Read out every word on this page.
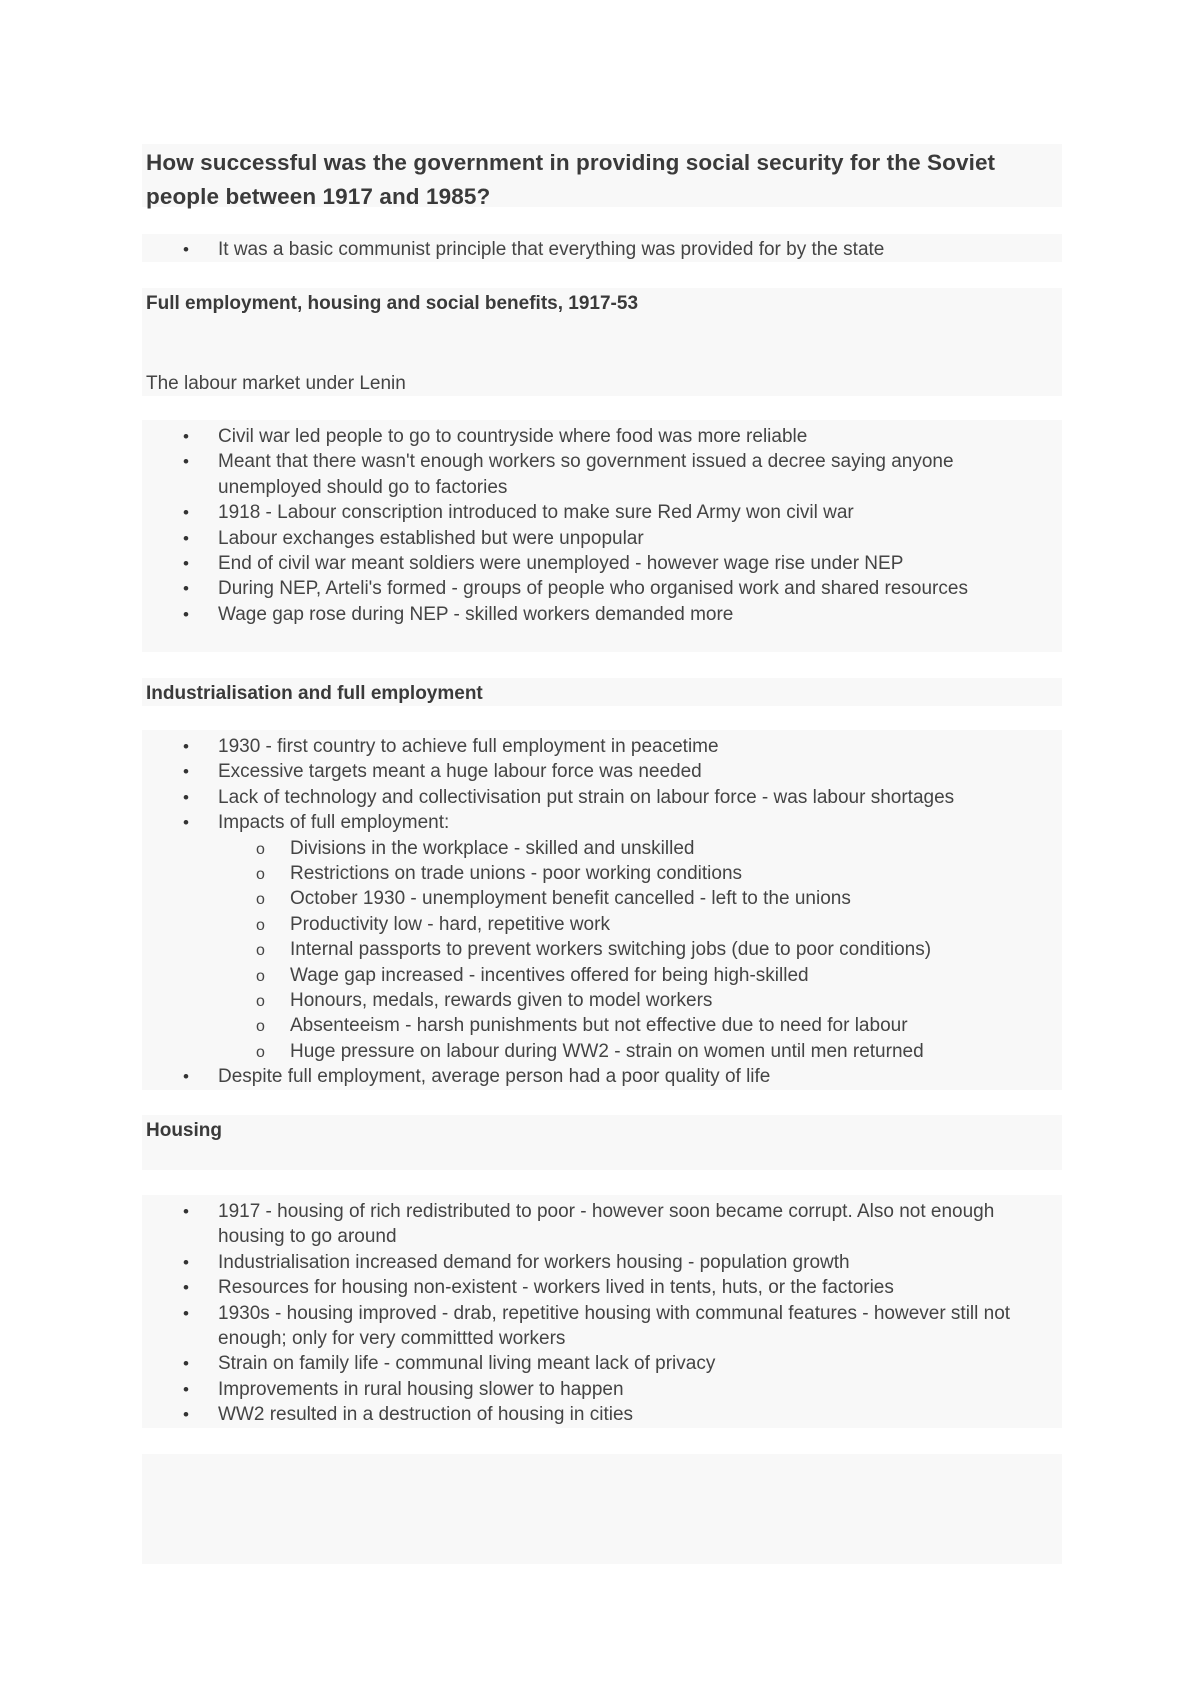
How successful was the government in providing social security for the Soviet people between 1917 and 1985?
• It was a basic communist principle that everything was provided for by the state
Full employment, housing and social benefits, 1917-53

The labour market under Lenin

• Civil war led people to go to countryside where food was more reliable
• Meant that there wasn't enough workers so government issued a decree saying anyone unemployed should go to factories
• 1918 - Labour conscription introduced to make sure Red Army won civil war
• Labour exchanges established but were unpopular
• End of civil war meant soldiers were unemployed - however wage rise under NEP
• During NEP, Arteli's formed - groups of people who organised work and shared resources
• Wage gap rose during NEP - skilled workers demanded more
Industrialisation and full employment
• 1930 - first country to achieve full employment in peacetime
• Excessive targets meant a huge labour force was needed
• Lack of technology and collectivisation put strain on labour force - was labour shortages
• Impacts of full employment:
o Divisions in the workplace - skilled and unskilled
o Restrictions on trade unions - poor working conditions
o October 1930 - unemployment benefit cancelled - left to the unions
o Productivity low - hard, repetitive work
o Internal passports to prevent workers switching jobs (due to poor conditions)
o Wage gap increased - incentives offered for being high-skilled
o Honours, medals, rewards given to model workers
o Absenteeism - harsh punishments but not effective due to need for labour
o Huge pressure on labour during WW2 - strain on women until men returned
• Despite full employment, average person had a poor quality of life
Housing
• 1917 - housing of rich redistributed to poor - however soon became corrupt. Also not enough housing to go around
• Industrialisation increased demand for workers housing - population growth
• Resources for housing non-existent - workers lived in tents, huts, or the factories
• 1930s - housing improved - drab, repetitive housing with communal features - however still not enough; only for very committted workers
• Strain on family life - communal living meant lack of privacy
• Improvements in rural housing slower to happen
• WW2 resulted in a destruction of housing in cities
